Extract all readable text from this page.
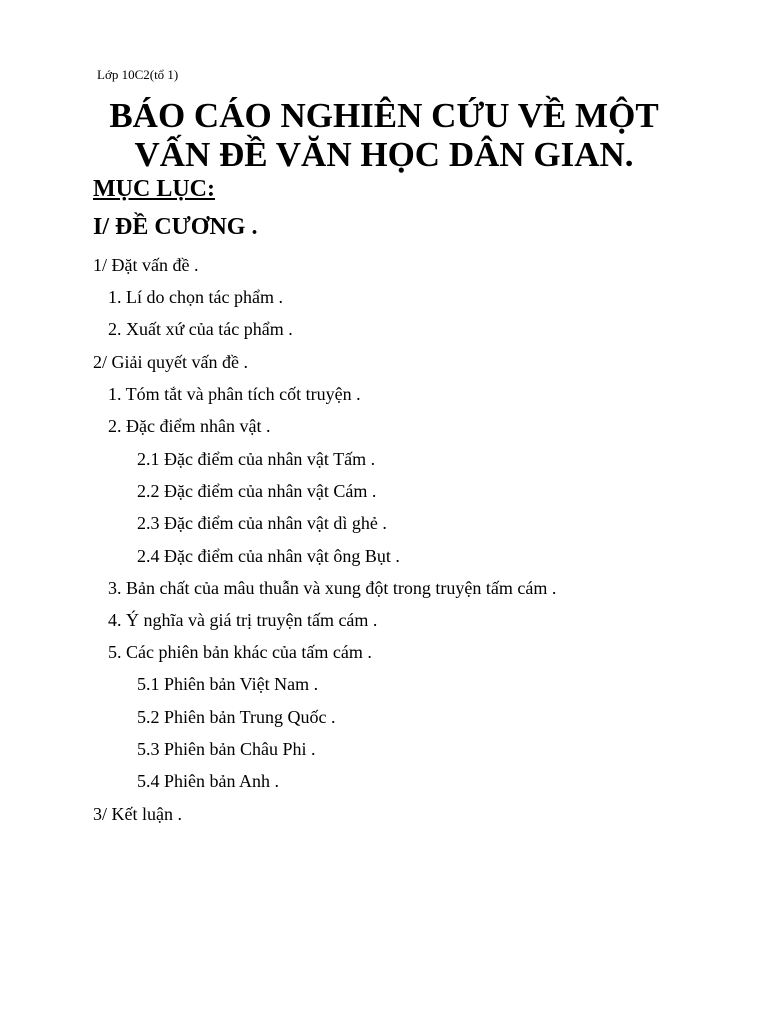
Lớp 10C2(tổ 1)
BÁO CÁO NGHIÊN CỨU VỀ MỘT
VẤN ĐỀ VĂN HỌC DÂN GIAN.
MỤC LỤC:
I/ ĐỀ CƯƠNG .
1/ Đặt vấn đề .
1. Lí do chọn tác phẩm .
2. Xuất xứ của tác phẩm .
2/ Giải quyết vấn đề .
1. Tóm tắt và phân tích cốt truyện .
2. Đặc điểm nhân vật .
2.1 Đặc điểm của nhân vật Tấm .
2.2 Đặc điểm của nhân vật Cám .
2.3 Đặc điểm của nhân vật dì ghẻ .
2.4 Đặc điểm của nhân vật ông Bụt .
3. Bản chất của mâu thuẫn và xung đột trong truyện tấm cám .
4. Ý nghĩa và giá trị truyện tấm cám .
5. Các phiên bản khác của tấm cám .
5.1 Phiên bản Việt Nam .
5.2 Phiên bản Trung Quốc .
5.3 Phiên bản Châu Phi .
5.4 Phiên bản Anh .
3/ Kết luận .
